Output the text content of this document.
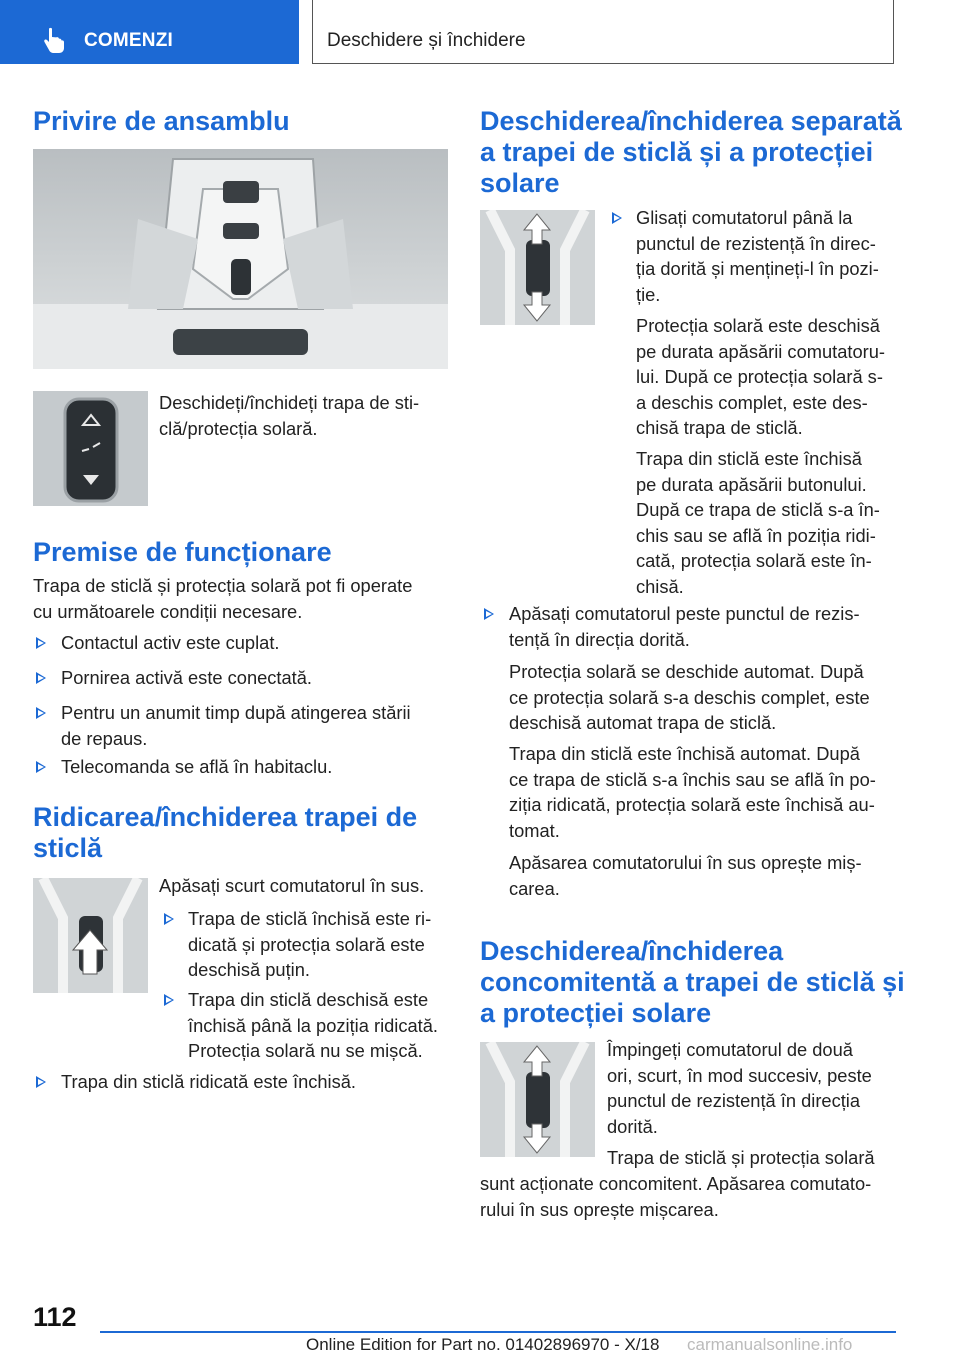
COMENZI	Deschidere și închidere
Privire de ansamblu

Deschideți/închideți trapa de sti-
clă/protecția solară.

Premise de funcționare

Trapa de sticlă și protecția solară pot fi operate
cu următoarele condiții necesare.

Contactul activ este cuplat.
Pornirea activă este conectată.
Pentru un anumit timp după atingerea stării
de repaus.
Telecomanda se află în habitaclu.
Ridicarea/închiderea trapei de
sticlă

Apăsați scurt comutatorul în sus.

Trapa de sticlă închisă este ri-
dicată și protecția solară este
deschisă puțin.
Trapa din sticlă deschisă este
închisă până la poziția ridicată.
Protecția solară nu se mișcă.
Trapa din sticlă ridicată este închisă.
Deschiderea/închiderea separată
a trapei de sticlă și a protecției
solare
Glisați comutatorul până la
punctul de rezistență în direc-
ția dorită și mențineți-l în pozi-
ție.

Protecția solară este deschisă
pe durata apăsării comutatoru-
lui. După ce protecția solară s-
a deschis complet, este des-
chisă trapa de sticlă.

Trapa din sticlă este închisă
pe durata apăsării butonului.
După ce trapa de sticlă s-a în-
chis sau se află în poziția ridi-
cată, protecția solară este în-
chisă.

Apăsați comutatorul peste punctul de rezis-
tență în direcția dorită.

Protecția solară se deschide automat. După
ce protecția solară s-a deschis complet, este
deschisă automat trapa de sticlă.

Trapa din sticlă este închisă automat. După
ce trapa de sticlă s-a închis sau se află în po-
ziția ridicată, protecția solară este închisă au-
tomat.

Apăsarea comutatorului în sus oprește miș-
carea.

Deschiderea/închiderea
concomitentă a trapei de sticlă și
a protecției solare

Împingeți comutatorul de două
ori, scurt, în mod succesiv, peste
punctul de rezistență în direcția
dorită.

Trapa de sticlă și protecția solară

sunt acționate concomitent. Apăsarea comutato-
rului în sus oprește mișcarea.

112
Online Edition for Part no. 01402896970 - X/18 carmanualsonline.info
